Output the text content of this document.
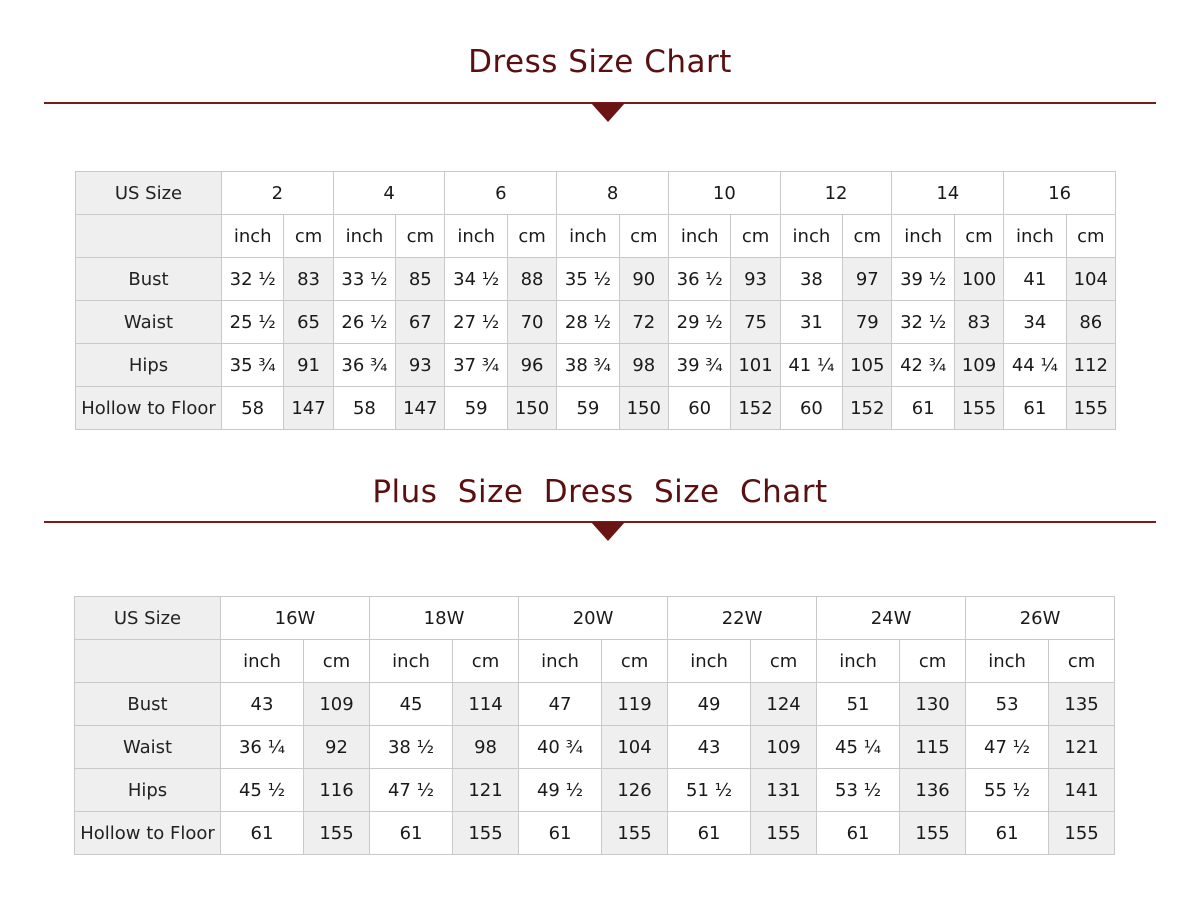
Dress Size Chart
US Size	2		4		6		8		10		12		14		16	
	inch	cm	inch	cm	inch	cm	inch	cm	inch	cm	inch	cm	inch	cm	inch	cm
Bust	32 ½	83	33 ½	85	34 ½	88	35 ½	90	36 ½	93	38	97	39 ½	100	41	104
Waist	25 ½	65	26 ½	67	27 ½	70	28 ½	72	29 ½	75	31	79	32 ½	83	34	86
Hips	35 ¾	91	36 ¾	93	37 ¾	96	38 ¾	98	39 ¾	101	41 ¼	105	42 ¾	109	44 ¼	112
Hollow to Floor	58	147	58	147	59	150	59	150	60	152	60	152	61	155	61	155
Plus Size Dress Size Chart
US Size	16W		18W		20W		22W		24W		26W	
	inch	cm	inch	cm	inch	cm	inch	cm	inch	cm	inch	cm
Bust	43	109	45	114	47	119	49	124	51	130	53	135
Waist	36 ¼	92	38 ½	98	40 ¾	104	43	109	45 ¼	115	47 ½	121
Hips	45 ½	116	47 ½	121	49 ½	126	51 ½	131	53 ½	136	55 ½	141
Hollow to Floor	61	155	61	155	61	155	61	155	61	155	61	155
